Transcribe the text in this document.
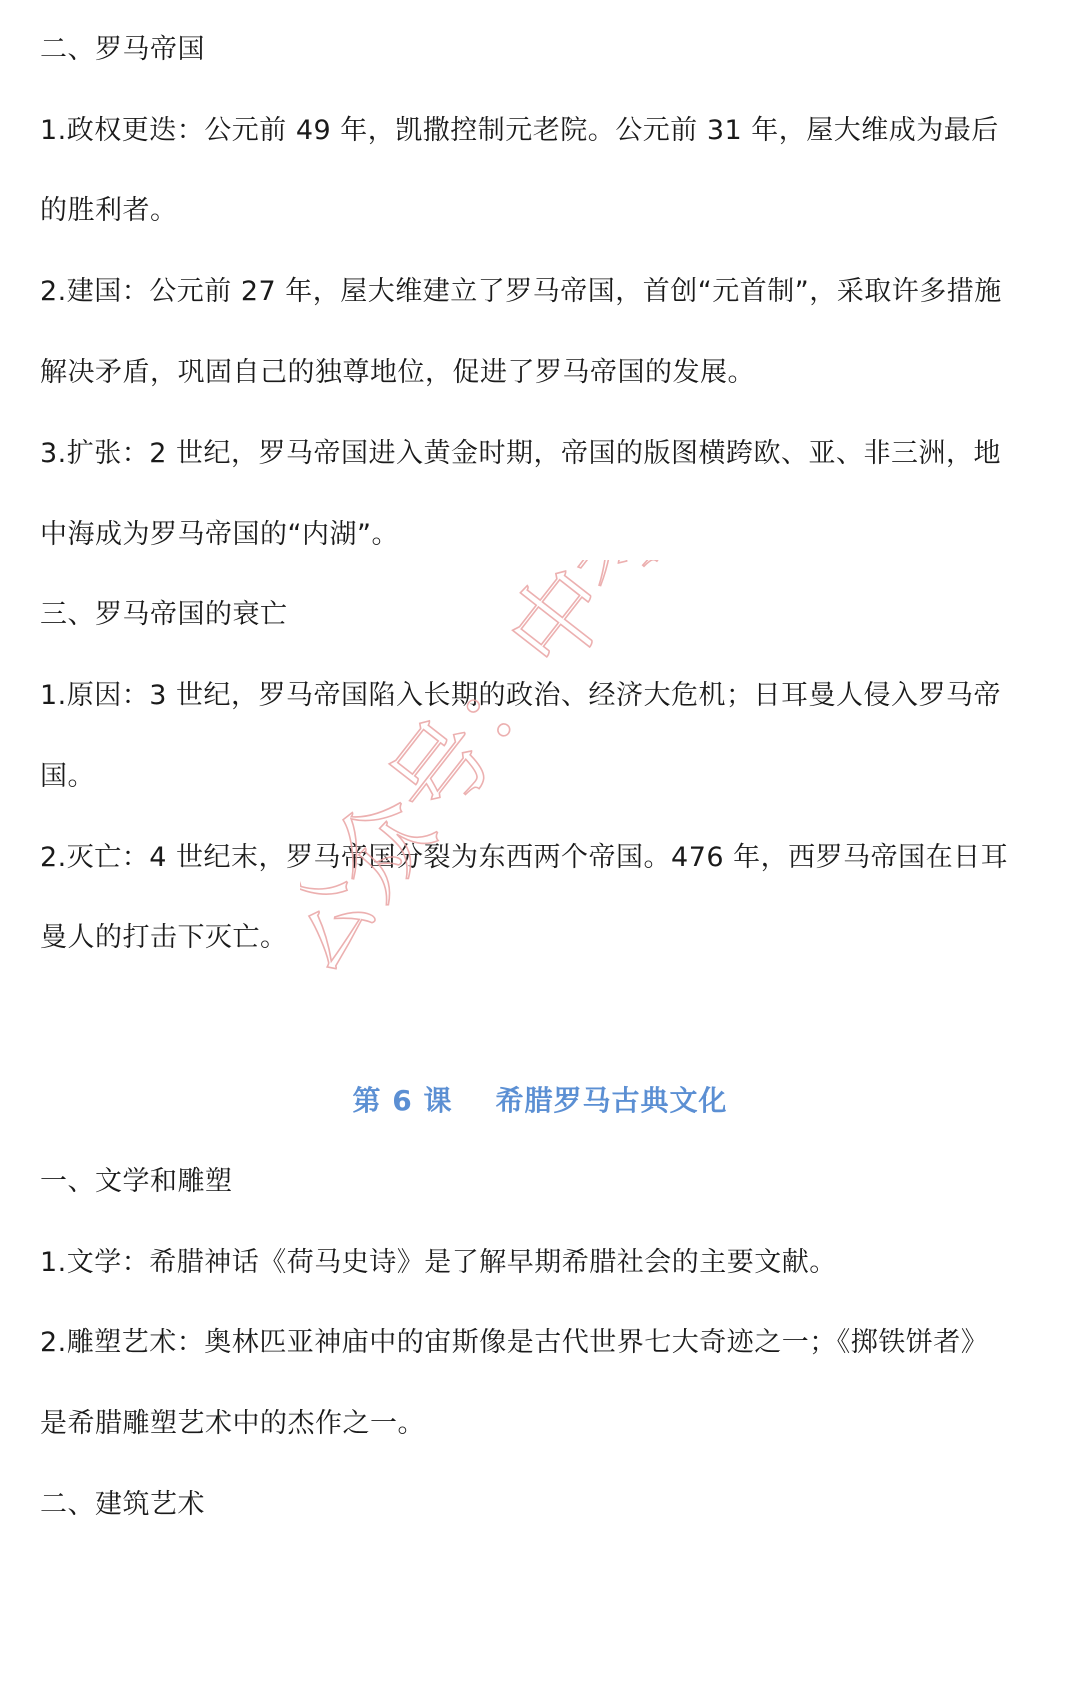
二、罗马帝国
1.政权更迭：公元前 49 年，凯撒控制元老院。公元前 31 年，屋大维成为最后
的胜利者。
2.建国：公元前 27 年，屋大维建立了罗马帝国，首创“元首制”，采取许多措施
解决矛盾，巩固自己的独尊地位，促进了罗马帝国的发展。
3.扩张：2 世纪，罗马帝国进入黄金时期，帝国的版图横跨欧、亚、非三洲，地
中海成为罗马帝国的“内湖”。
三、罗马帝国的衰亡
1.原因：3 世纪，罗马帝国陷入长期的政治、经济大危机；日耳曼人侵入罗马帝
国。
2.灭亡：4 世纪末，罗马帝国分裂为东西两个帝国。476 年，西罗马帝国在日耳
曼人的打击下灭亡。
第 6 课    希腊罗马古典文化
一、文学和雕塑
1.文学：希腊神话《荷马史诗》是了解早期希腊社会的主要文献。
2.雕塑艺术：奥林匹亚神庙中的宙斯像是古代世界七大奇迹之一；《掷铁饼者》
是希腊雕塑艺术中的杰作之一。
二、建筑艺术
公众号：中考
